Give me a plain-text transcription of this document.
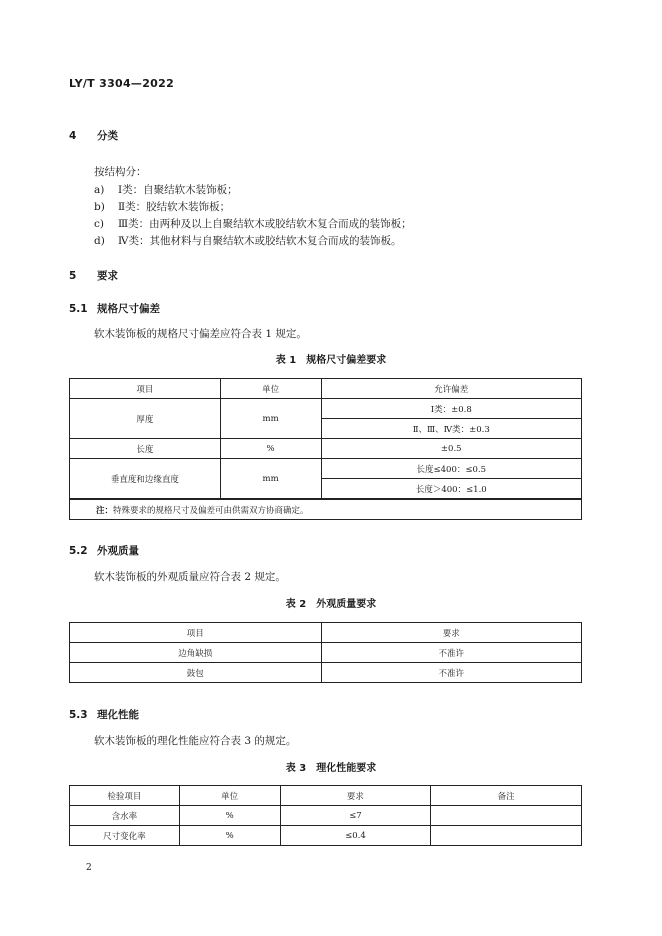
LY/T 3304—2022
4 分类
按结构分：
a) Ⅰ类：自聚结软木装饰板；
b) Ⅱ类：胶结软木装饰板；
c) Ⅲ类：由两种及以上自聚结软木或胶结软木复合而成的装饰板；
d) Ⅳ类：其他材料与自聚结软木或胶结软木复合而成的装饰板。
5 要求
5.1 规格尺寸偏差
软木装饰板的规格尺寸偏差应符合表 1 规定。
表 1 规格尺寸偏差要求
项目	单位	允许偏差
厚度	mm	Ⅰ类：±0.8
		Ⅱ、Ⅲ、Ⅳ类：±0.3
长度	%	±0.5
垂直度和边缘直度	mm	长度≤400：≤0.5
		长度＞400：≤1.0
注：特殊要求的规格尺寸及偏差可由供需双方协商确定。		
5.2 外观质量
软木装饰板的外观质量应符合表 2 规定。
表 2 外观质量要求
项目	要求
边角缺损	不准许
鼓包	不准许
5.3 理化性能
软木装饰板的理化性能应符合表 3 的规定。
表 3 理化性能要求
检验项目	单位	要求	备注
含水率	%	≤7	
尺寸变化率	%	≤0.4	
2
